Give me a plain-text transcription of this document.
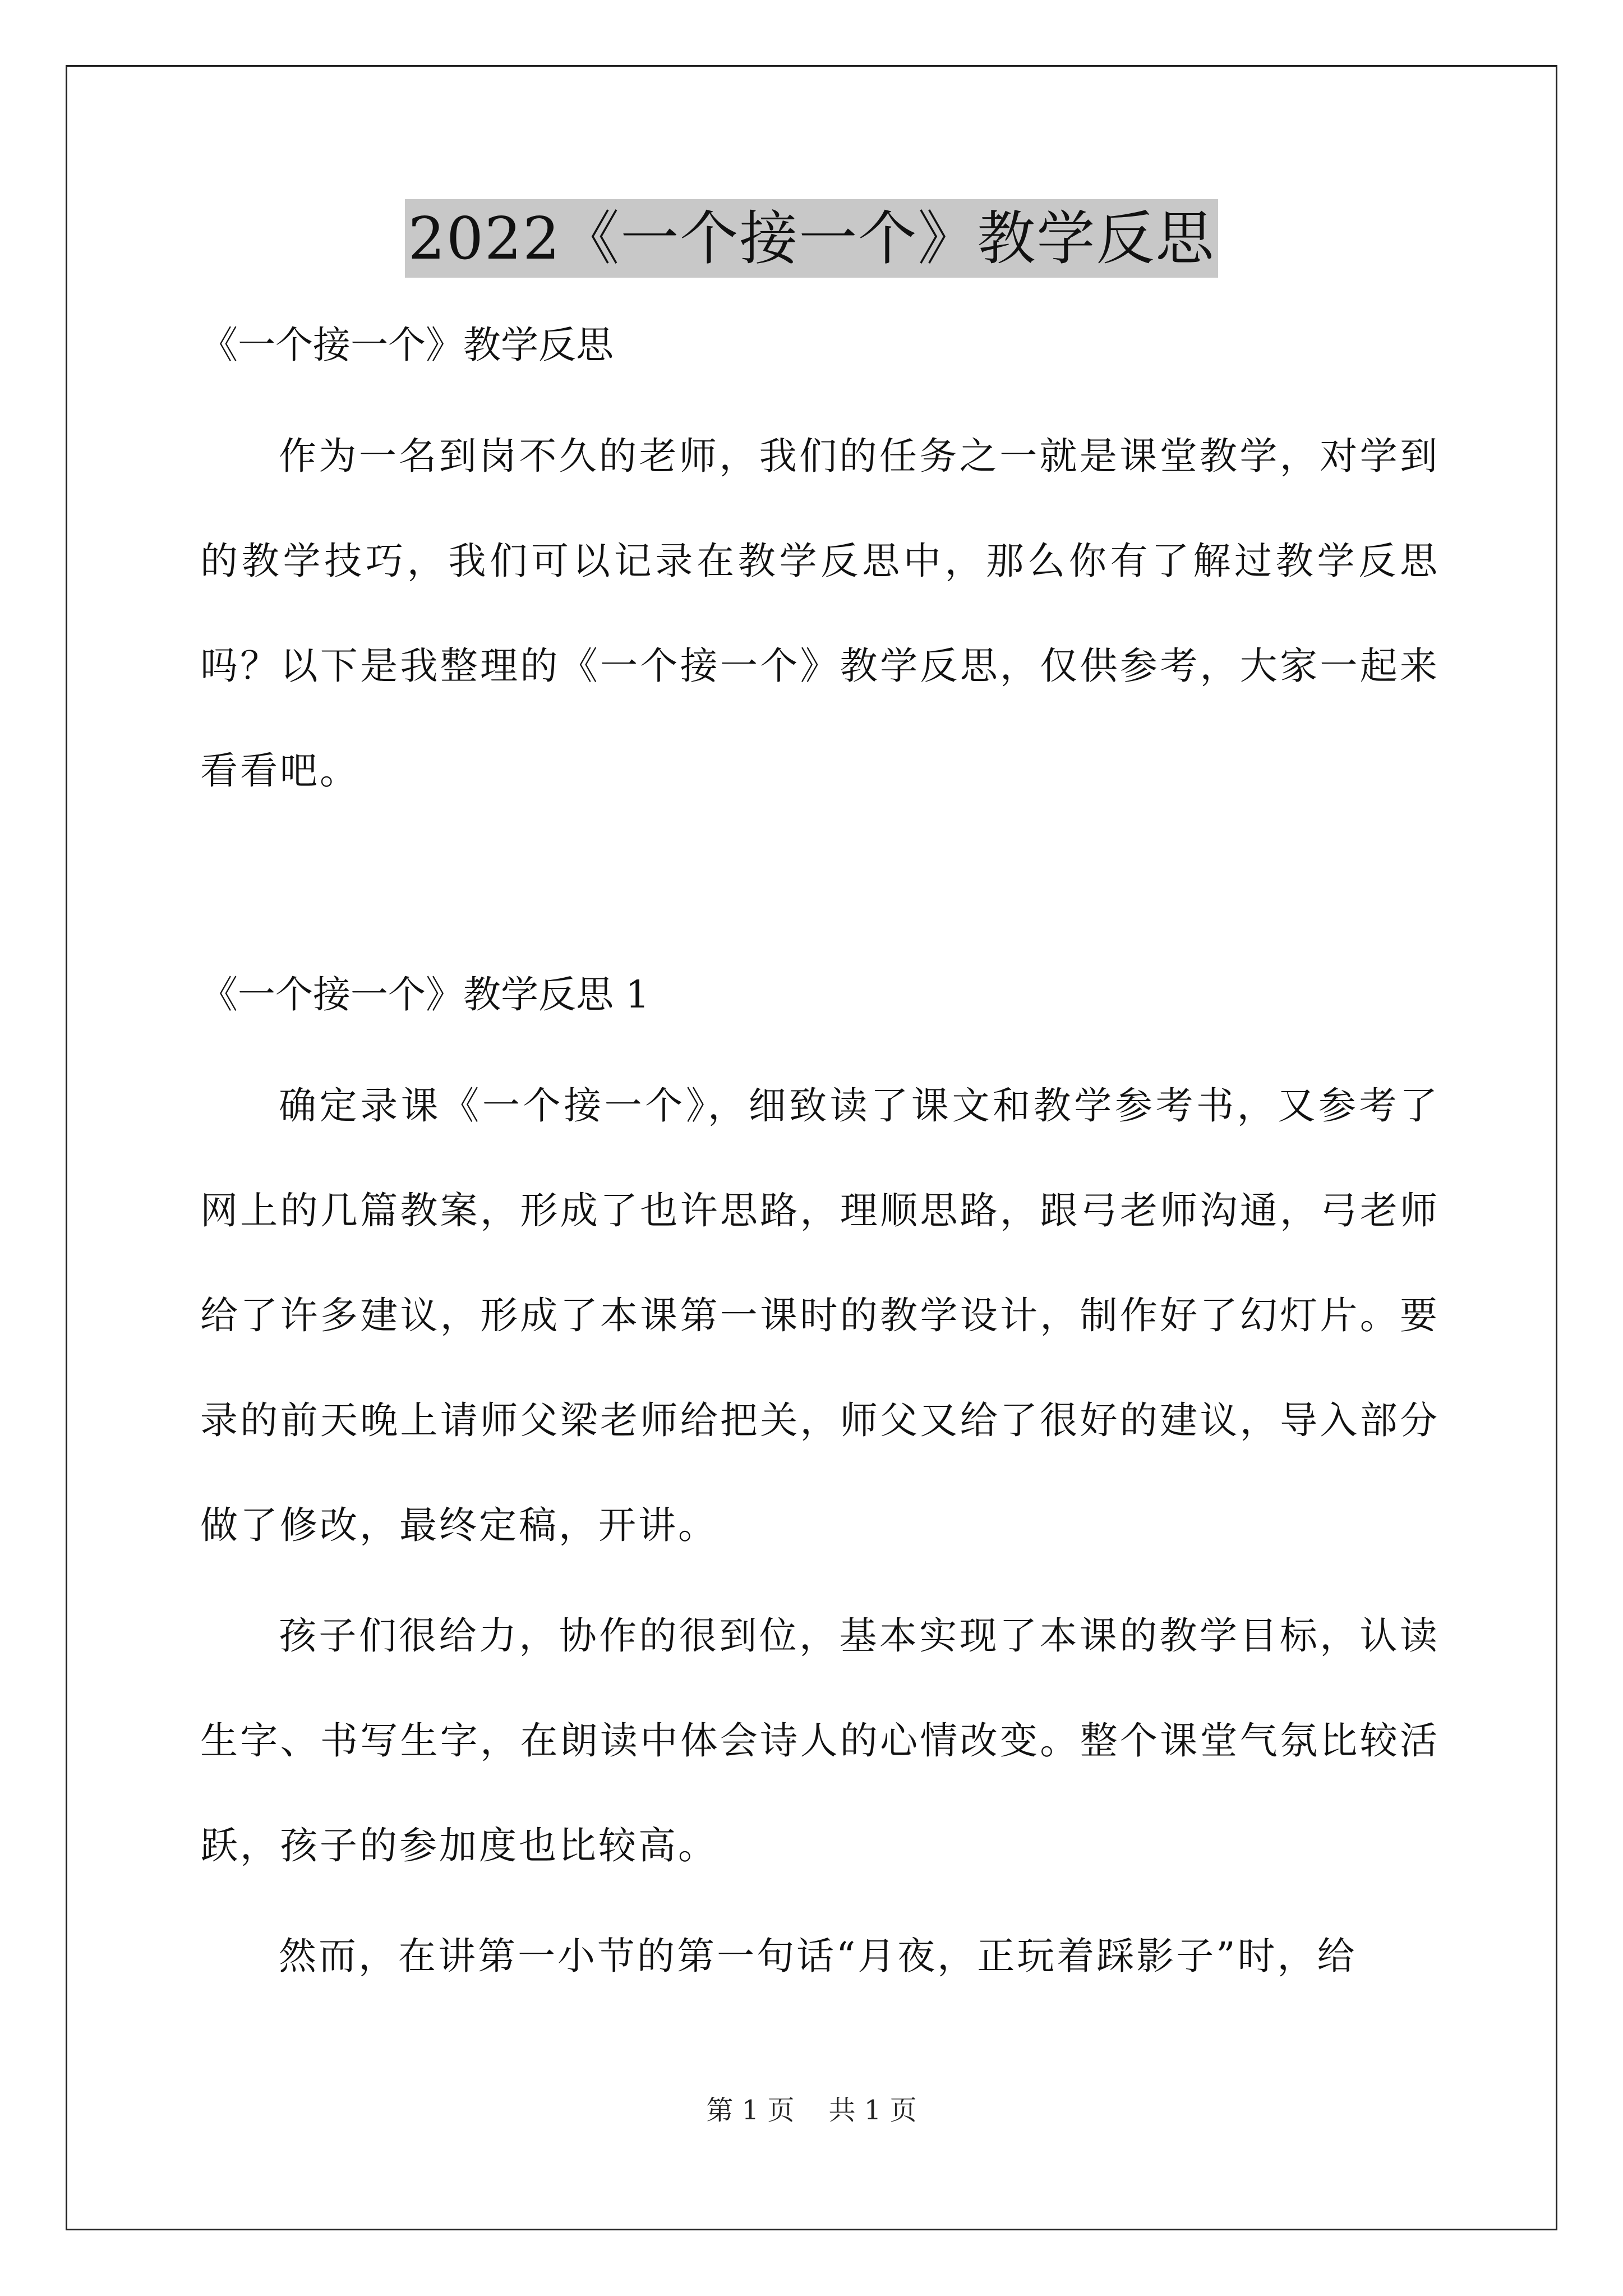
2022《一个接一个》教学反思

《一个接一个》教学反思

作为一名到岗不久的老师，我们的任务之一就是课堂教学，对学到的教学技巧，我们可以记录在教学反思中，那么你有了解过教学反思吗？以下是我整理的《一个接一个》教学反思，仅供参考，大家一起来看看吧。

《一个接一个》教学反思 1

确定录课《一个接一个》，细致读了课文和教学参考书，又参考了网上的几篇教案，形成了也许思路，理顺思路，跟弓老师沟通，弓老师给了许多建议，形成了本课第一课时的教学设计，制作好了幻灯片。要录的前天晚上请师父梁老师给把关，师父又给了很好的建议，导入部分做了修改，最终定稿，开讲。

孩子们很给力，协作的很到位，基本实现了本课的教学目标，认读生字、书写生字，在朗读中体会诗人的心情改变。整个课堂气氛比较活跃，孩子的参加度也比较高。

然而，在讲第一小节的第一句话“月夜，正玩着踩影子”时，给

第 1 页    共 1 页
